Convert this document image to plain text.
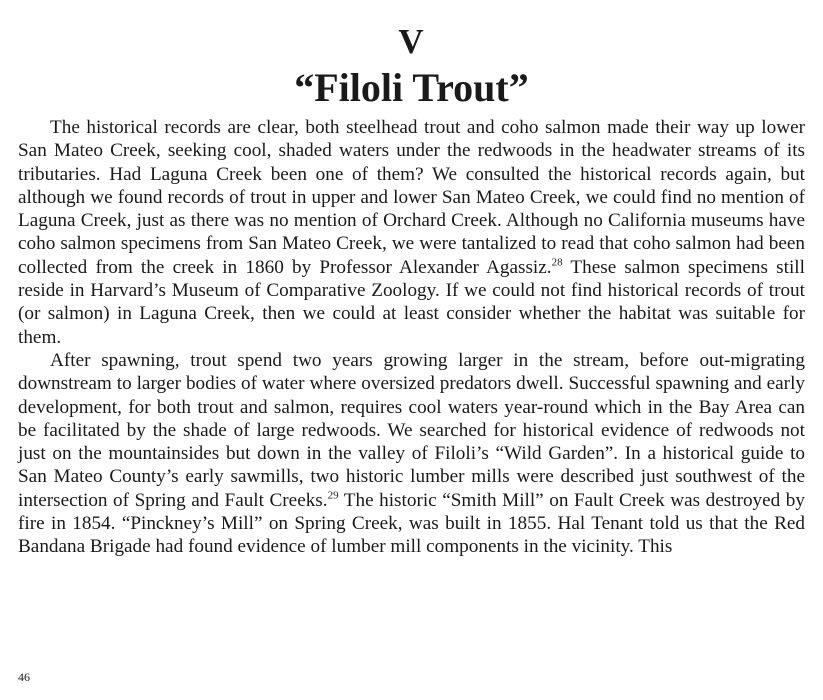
V
“Filoli Trout”

The historical records are clear, both steelhead trout and coho salmon made their way up lower San Mateo Creek, seeking cool, shaded waters under the redwoods in the headwater streams of its tributaries. Had Laguna Creek been one of them? We consulted the historical records again, but although we found records of trout in upper and lower San Mateo Creek, we could find no mention of Laguna Creek, just as there was no mention of Orchard Creek. Although no California museums have coho salmon specimens from San Mateo Creek, we were tantalized to read that coho salmon had been collected from the creek in 1860 by Professor Alexander Agassiz.$^{28}$ These salmon specimens still reside in Harvard’s Museum of Comparative Zoology. If we could not find historical records of trout (or salmon) in Laguna Creek, then we could at least consider whether the habitat was suitable for them.

After spawning, trout spend two years growing larger in the stream, before out-migrating downstream to larger bodies of water where oversized predators dwell. Successful spawning and early development, for both trout and salmon, requires cool waters year-round which in the Bay Area can be facilitated by the shade of large redwoods. We searched for historical evidence of redwoods not just on the mountainsides but down in the valley of Filoli’s “Wild Garden”. In a historical guide to San Mateo County’s early sawmills, two historic lumber mills were described just southwest of the intersection of Spring and Fault Creeks.$^{29}$ The historic “Smith Mill” on Fault Creek was destroyed by fire in 1854. “Pinckney’s Mill” on Spring Creek, was built in 1855. Hal Tenant told us that the Red Bandana Brigade had found evidence of lumber mill components in the vicinity. This

46
